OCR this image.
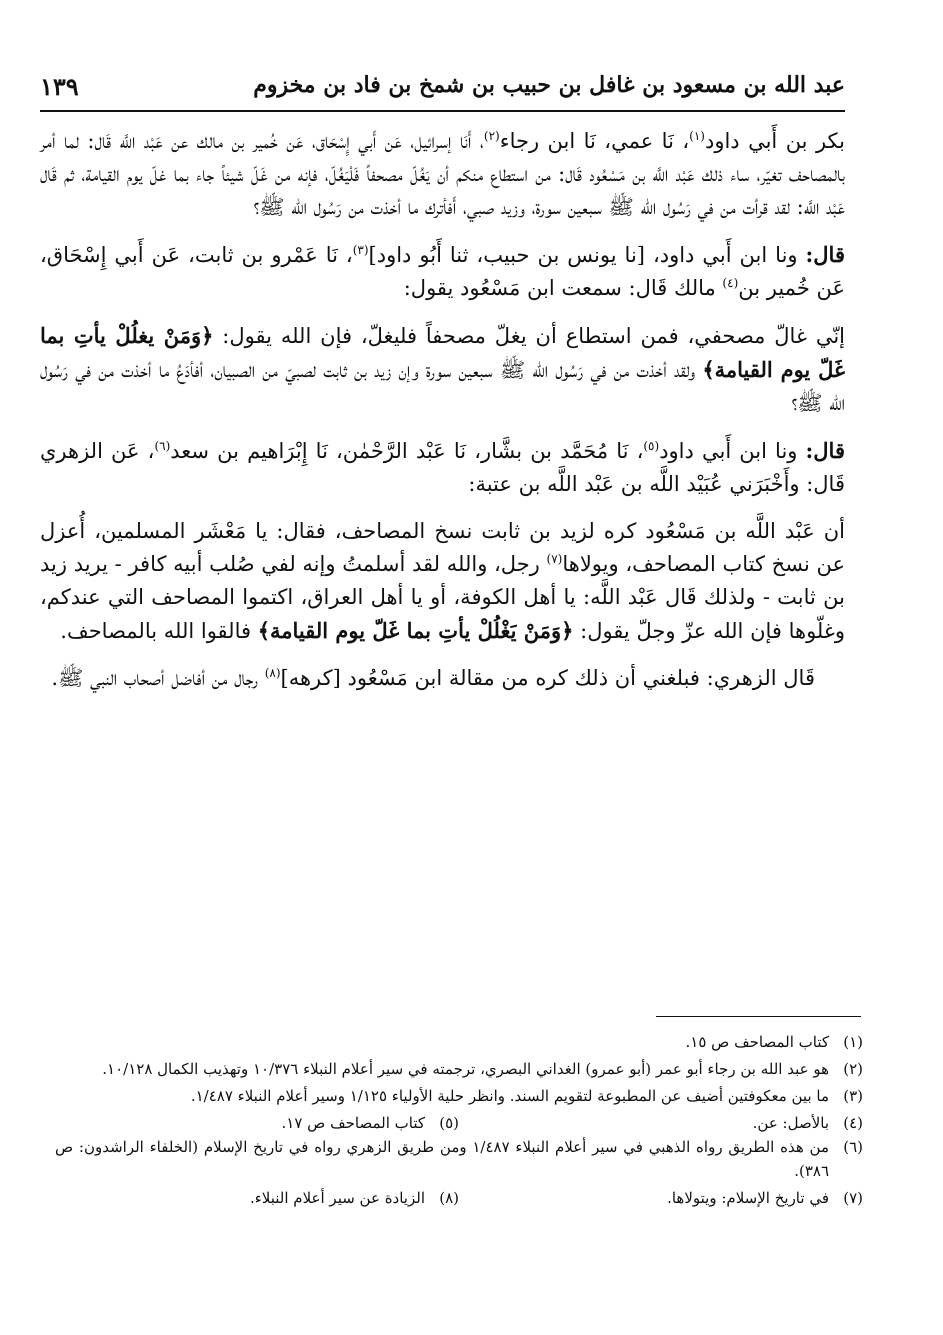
عبد الله بن مسعود بن غافل بن حبيب بن شمخ بن فاد بن مخزوم
١٣٩

بكر بن أَبي داود$^{(١)}$، نَا عمي، نَا ابن رجاء$^{(٢)}$، أَنَا إسرائيل، عَن أَبي إِسْحَاق، عَن خُمير بن مالك عن عَبْد اللَّه قَال: لما أمر بالمصاحف تغيّر، ساء ذلك عَبْد اللَّه بن مَسْعُود قَال: من استطاع منكم أن يَغُلّ مصحفاً فَلْيَغُلّ، فإنه من غَلّ شيئاً جاء بما غلّ يوم القيامة، ثم قَال عَبْد اللَّه: لقد قرأت من في رَسُول الله ﷺ سبعين سورة، وزيد صبي، أَفأترك ما أخذت من رَسُول الله ﷺ؟

قال: ونا ابن أَبي داود، [نا يونس بن حبيب، ثنا أَبُو داود]$^{(٣)}$، نَا عَمْرو بن ثابت، عَن أَبي إِسْحَاق، عَن خُمير بن$^{(٤)}$ مالك قَال: سمعت ابن مَسْعُود يقول:

إنّي غالّ مصحفي، فمن استطاع أن يغلّ مصحفاً فليغلّ، فإن الله يقول: ﴿وَمَنْ يغلُلْ يأتِ بما غَلّ يوم القيامة﴾ ولقد أخذت من في رَسُول الله ﷺ سبعين سورة وإن زيد بن ثابت لصبيّ من الصبيان، أفأدَعُ ما أخذت من في رَسُول الله ﷺ؟

قال: ونا ابن أَبي داود$^{(٥)}$، نَا مُحَمَّد بن بشَّار، نَا عَبْد الرَّحْمٰن، نَا إِبْرَاهيم بن سعد$^{(٦)}$، عَن الزهري قَال: وأَخْبَرَني عُبَيْد اللَّه بن عَبْد اللَّه بن عتبة:

أن عَبْد اللَّه بن مَسْعُود كره لزيد بن ثابت نسخ المصاحف، فقال: يا مَعْشَر المسلمين، أُعزل عن نسخ كتاب المصاحف، ويولاها$^{(٧)}$ رجل، والله لقد أسلمتُ وإنه لفي صُلب أبيه كافر - يريد زيد بن ثابت - ولذلك قَال عَبْد اللَّه: يا أهل الكوفة، أو يا أهل العراق، اكتموا المصاحف التي عندكم، وغلّوها فإن الله عزّ وجلّ يقول: ﴿وَمَنْ يَغْلُلْ يأتِ بما غَلّ يوم القيامة﴾ فالقوا الله بالمصاحف.

قَال الزهري: فبلغني أن ذلك كره من مقالة ابن مَسْعُود [كرهه]$^{(٨)}$ رجال من أفاضل أصحاب النبي ﷺ.

(١)
كتاب المصاحف ص ١٥.
(٢)
هو عبد الله بن رجاء أبو عمر (أبو عمرو) الغداني البصري، ترجمته في سير أعلام النبلاء ١٠/٣٧٦ وتهذيب الكمال ١٠/١٢٨.
(٣)
ما بين معكوفتين أضيف عن المطبوعة لتقويم السند. وانظر حلية الأولياء ١/١٢٥ وسير أعلام النبلاء ١/٤٨٧.
(٤)
بالأصل: عن.
(٥)
كتاب المصاحف ص ١٧.
(٦)
من هذه الطريق رواه الذهبي في سير أعلام النبلاء ١/٤٨٧ ومن طريق الزهري رواه في تاريخ الإسلام (الخلفاء الراشدون: ص ٣٨٦).
(٧)
في تاريخ الإسلام: ويتولاها.
(٨)
الزيادة عن سير أعلام النبلاء.
